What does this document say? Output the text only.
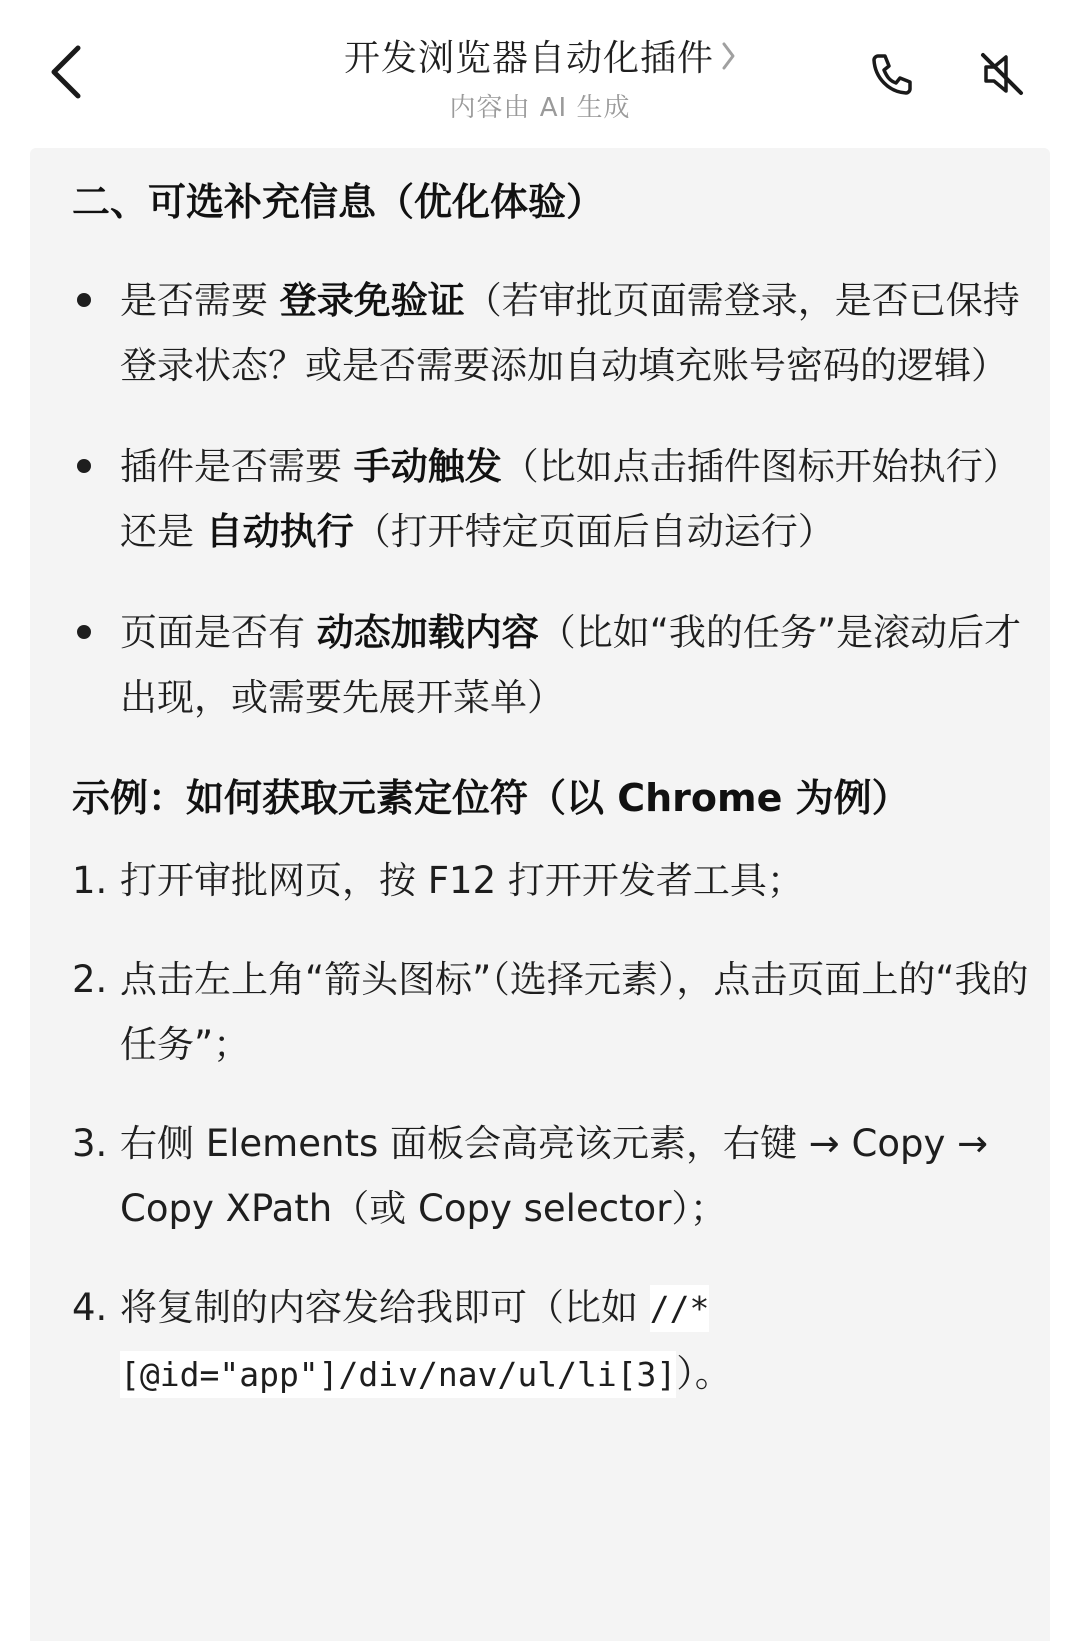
开发浏览器自动化插件
内容由 AI 生成

二、可选补充信息（优化体验）

是否需要 登录免验证（若审批页面需登录，是否已保持登录状态？或是否需要添加自动填充账号密码的逻辑）
插件是否需要 手动触发（比如点击插件图标开始执行）还是 自动执行（打开特定页面后自动运行）
页面是否有 动态加载内容（比如“我的任务”是滚动后才出现，或需要先展开菜单）

示例：如何获取元素定位符（以 Chrome 为例）

1. 打开审批网页，按 F12 打开开发者工具；
2. 点击左上角“箭头图标”（选择元素），点击页面上的“我的任务”；
3. 右侧 Elements 面板会高亮该元素，右键 → Copy → Copy XPath（或 Copy selector）；
4. 将复制的内容发给我即可（比如 //*[@id="app"]/div/nav/ul/li[3]）。
